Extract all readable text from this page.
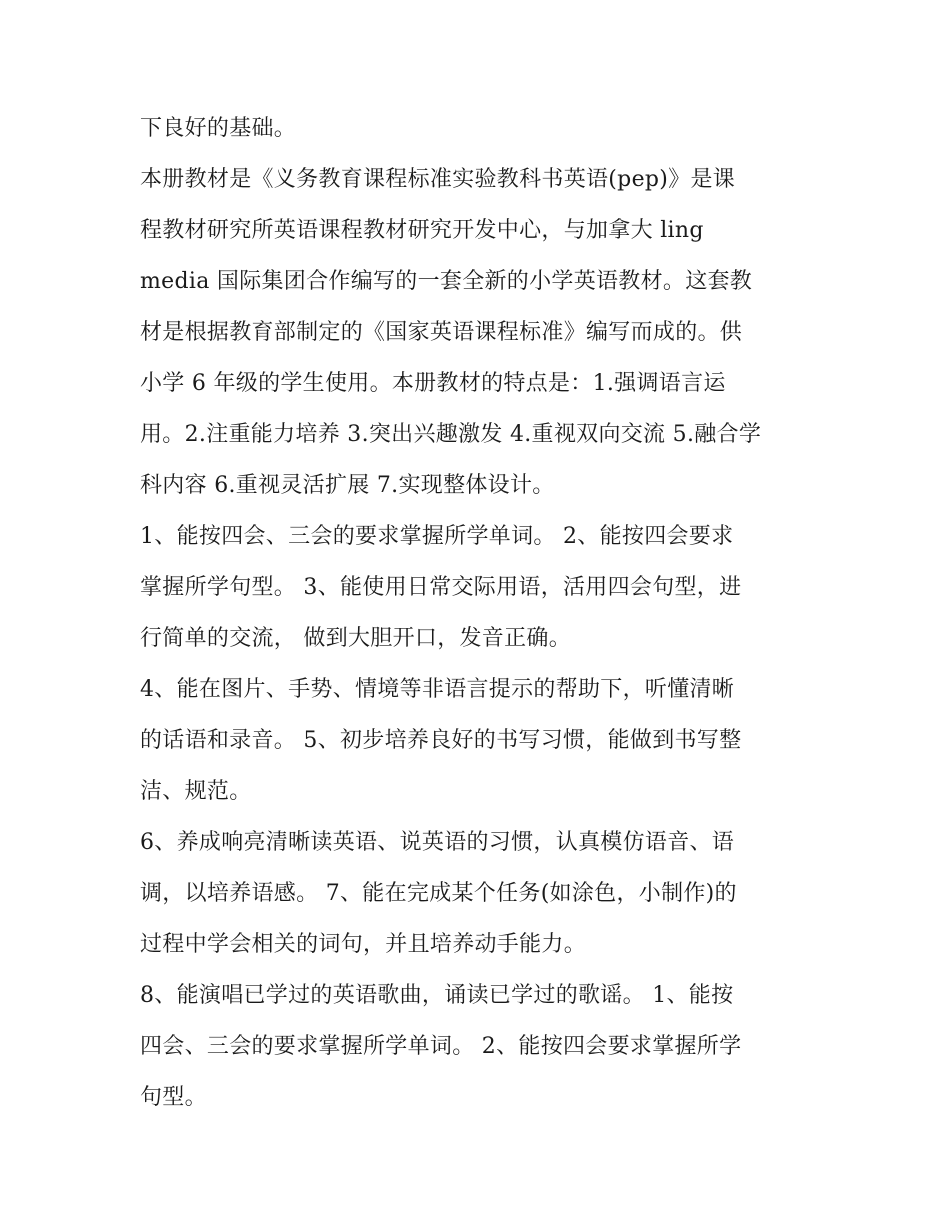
下良好的基础。
本册教材是《义务教育课程标准实验教科书英语(pep)》是课
程教材研究所英语课程教材研究开发中心，与加拿大 ling
media 国际集团合作编写的一套全新的小学英语教材。这套教
材是根据教育部制定的《国家英语课程标准》编写而成的。供
小学 6 年级的学生使用。本册教材的特点是：1.强调语言运
用。2.注重能力培养 3.突出兴趣激发 4.重视双向交流 5.融合学
科内容 6.重视灵活扩展 7.实现整体设计。
1、能按四会、三会的要求掌握所学单词。 2、能按四会要求
掌握所学句型。 3、能使用日常交际用语，活用四会句型，进
行简单的交流， 做到大胆开口，发音正确。
4、能在图片、手势、情境等非语言提示的帮助下，听懂清晰
的话语和录音。 5、初步培养良好的书写习惯，能做到书写整
洁、规范。
6、养成响亮清晰读英语、说英语的习惯，认真模仿语音、语
调，以培养语感。 7、能在完成某个任务(如涂色，小制作)的
过程中学会相关的词句，并且培养动手能力。
8、能演唱已学过的英语歌曲，诵读已学过的歌谣。 1、能按
四会、三会的要求掌握所学单词。 2、能按四会要求掌握所学
句型。
